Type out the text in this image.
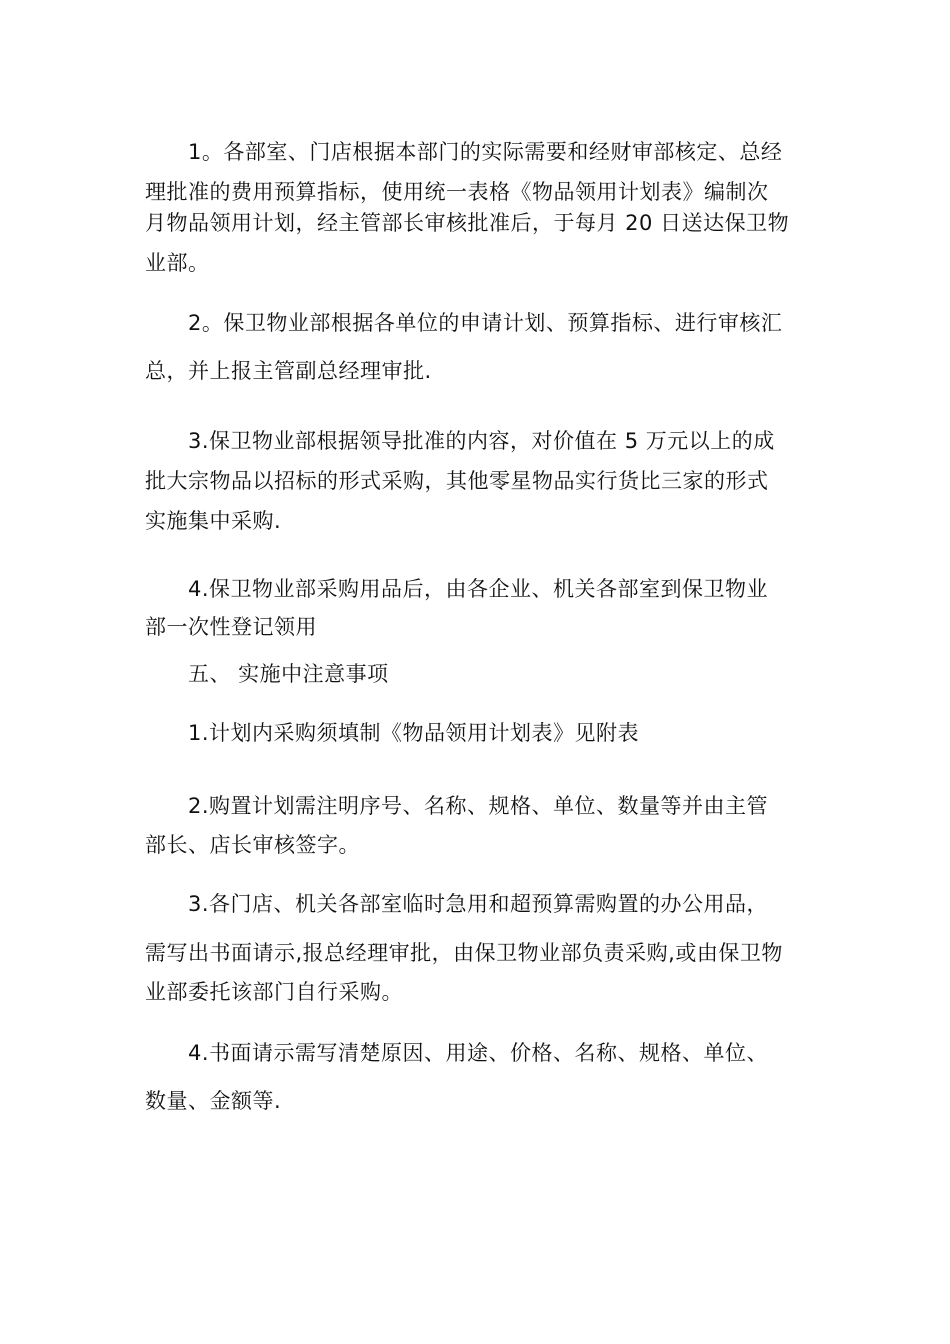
1。各部室、门店根据本部门的实际需要和经财审部核定、总经
理批准的费用预算指标，使用统一表格《物品领用计划表》编制次
月物品领用计划，经主管部长审核批准后，于每月 20 日送达保卫物
业部。
2。保卫物业部根据各单位的申请计划、预算指标、进行审核汇
总，并上报主管副总经理审批.
3.保卫物业部根据领导批准的内容，对价值在 5 万元以上的成
批大宗物品以招标的形式采购，其他零星物品实行货比三家的形式
实施集中采购.
4.保卫物业部采购用品后，由各企业、机关各部室到保卫物业
部一次性登记领用
五、 实施中注意事项
1.计划内采购须填制《物品领用计划表》见附表
2.购置计划需注明序号、名称、规格、单位、数量等并由主管
部长、店长审核签字。
3.各门店、机关各部室临时急用和超预算需购置的办公用品，
需写出书面请示,报总经理审批，由保卫物业部负责采购,或由保卫物
业部委托该部门自行采购。
4.书面请示需写清楚原因、用途、价格、名称、规格、单位、
数量、金额等.
